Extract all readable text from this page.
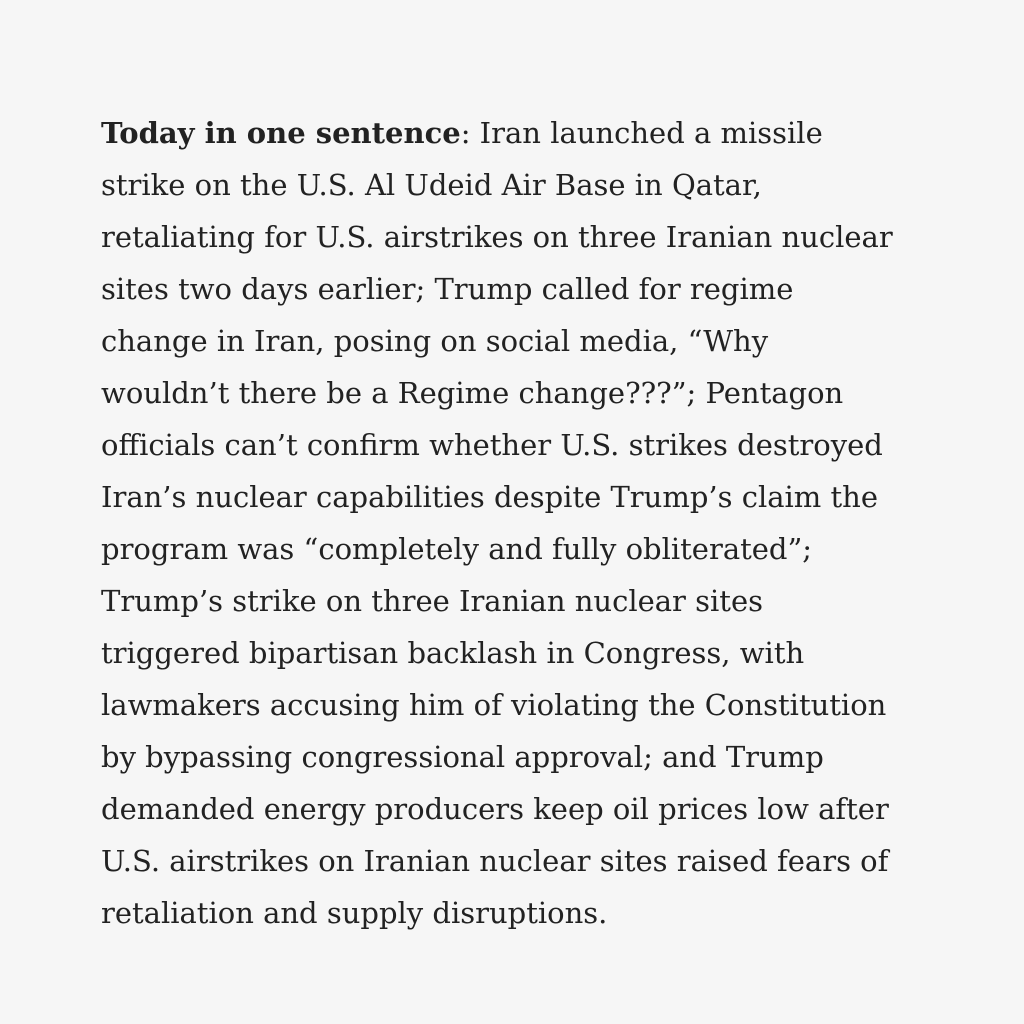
Today in one sentence: Iran launched a missile
strike on the U.S. Al Udeid Air Base in Qatar,
retaliating for U.S. airstrikes on three Iranian nuclear
sites two days earlier; Trump called for regime
change in Iran, posing on social media, “Why
wouldn’t there be a Regime change???”; Pentagon
officials can’t confirm whether U.S. strikes destroyed
Iran’s nuclear capabilities despite Trump’s claim the
program was “completely and fully obliterated”;
Trump’s strike on three Iranian nuclear sites
triggered bipartisan backlash in Congress, with
lawmakers accusing him of violating the Constitution
by bypassing congressional approval; and Trump
demanded energy producers keep oil prices low after
U.S. airstrikes on Iranian nuclear sites raised fears of
retaliation and supply disruptions.
